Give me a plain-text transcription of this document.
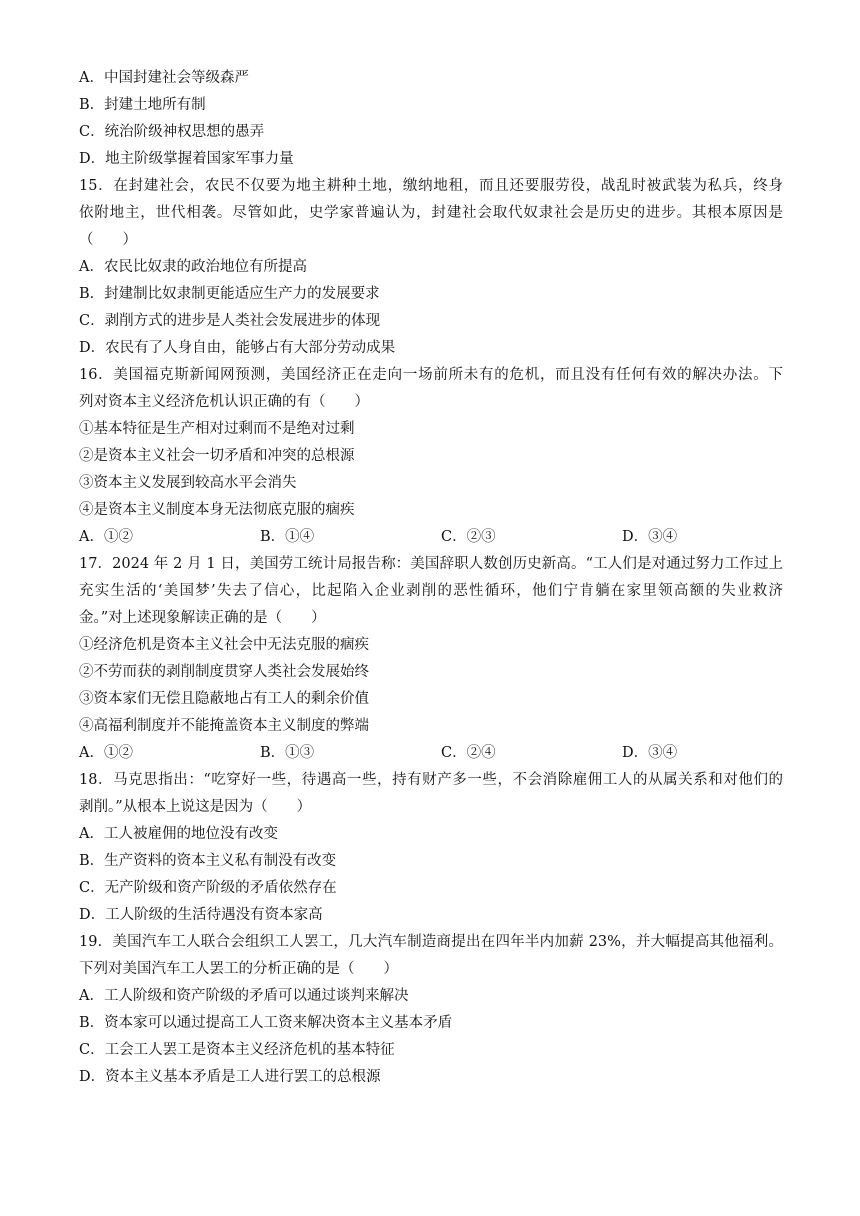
A．中国封建社会等级森严
B．封建土地所有制
C．统治阶级神权思想的愚弄
D．地主阶级掌握着国家军事力量
15．在封建社会，农民不仅要为地主耕种土地，缴纳地租，而且还要服劳役，战乱时被武装为私兵，终身
依附地主，世代相袭。尽管如此，史学家普遍认为，封建社会取代奴隶社会是历史的进步。其根本原因是
（　　）
A．农民比奴隶的政治地位有所提高
B．封建制比奴隶制更能适应生产力的发展要求
C．剥削方式的进步是人类社会发展进步的体现
D．农民有了人身自由，能够占有大部分劳动成果
16．美国福克斯新闻网预测，美国经济正在走向一场前所未有的危机，而且没有任何有效的解决办法。下
列对资本主义经济危机认识正确的有（　　）
①基本特征是生产相对过剩而不是绝对过剩
②是资本主义社会一切矛盾和冲突的总根源
③资本主义发展到较高水平会消失
④是资本主义制度本身无法彻底克服的痼疾
A．①②	B．①④	C．②③	D．③④
17．2024 年 2 月 1 日，美国劳工统计局报告称：美国辞职人数创历史新高。“工人们是对通过努力工作过上
充实生活的‘美国梦’失去了信心，比起陷入企业剥削的恶性循环，他们宁肯躺在家里领高额的失业救济
金。”对上述现象解读正确的是（　　）
①经济危机是资本主义社会中无法克服的痼疾
②不劳而获的剥削制度贯穿人类社会发展始终
③资本家们无偿且隐蔽地占有工人的剩余价值
④高福利制度并不能掩盖资本主义制度的弊端
A．①②	B．①③	C．②④	D．③④
18．马克思指出：“吃穿好一些，待遇高一些，持有财产多一些，不会消除雇佣工人的从属关系和对他们的
剥削。”从根本上说这是因为（　　）
A．工人被雇佣的地位没有改变
B．生产资料的资本主义私有制没有改变
C．无产阶级和资产阶级的矛盾依然存在
D．工人阶级的生活待遇没有资本家高
19．美国汽车工人联合会组织工人罢工，几大汽车制造商提出在四年半内加薪 23%，并大幅提高其他福利。
下列对美国汽车工人罢工的分析正确的是（　　）
A．工人阶级和资产阶级的矛盾可以通过谈判来解决
B．资本家可以通过提高工人工资来解决资本主义基本矛盾
C．工会工人罢工是资本主义经济危机的基本特征
D．资本主义基本矛盾是工人进行罢工的总根源
